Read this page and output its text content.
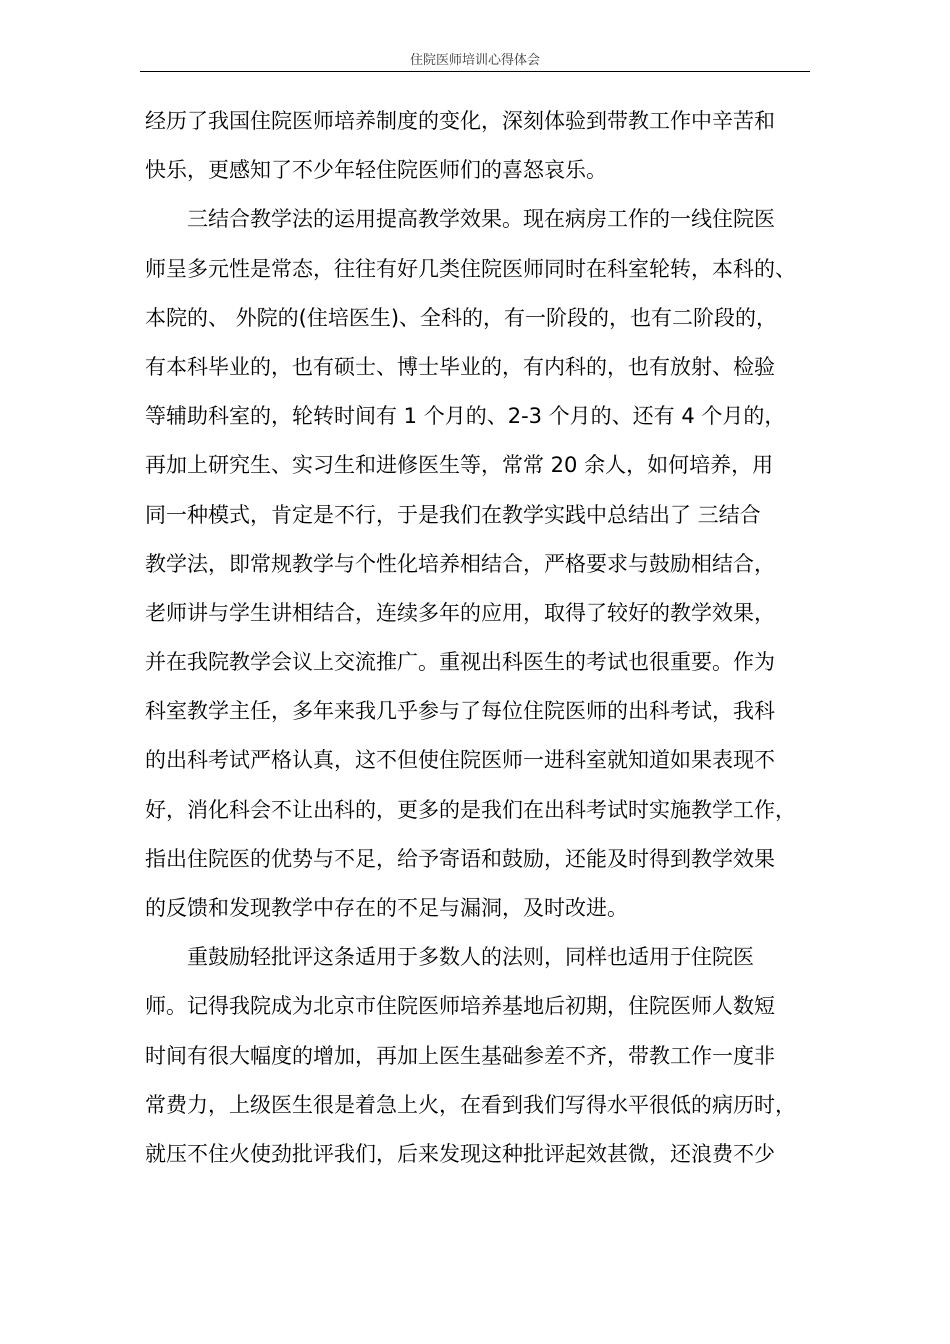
住院医师培训心得体会
经历了我国住院医师培养制度的变化，深刻体验到带教工作中辛苦和
快乐，更感知了不少年轻住院医师们的喜怒哀乐。
三结合教学法的运用提高教学效果。现在病房工作的一线住院医
师呈多元性是常态，往往有好几类住院医师同时在科室轮转，本科的、
本院的、 外院的(住培医生)、全科的，有一阶段的，也有二阶段的，
有本科毕业的，也有硕士、博士毕业的，有内科的，也有放射、检验
等辅助科室的，轮转时间有 1 个月的、2-3 个月的、还有 4 个月的，
再加上研究生、实习生和进修医生等，常常 20 余人，如何培养，用
同一种模式，肯定是不行，于是我们在教学实践中总结出了 三结合
教学法，即常规教学与个性化培养相结合，严格要求与鼓励相结合，
老师讲与学生讲相结合，连续多年的应用，取得了较好的教学效果，
并在我院教学会议上交流推广。重视出科医生的考试也很重要。作为
科室教学主任，多年来我几乎参与了每位住院医师的出科考试，我科
的出科考试严格认真，这不但使住院医师一进科室就知道如果表现不
好，消化科会不让出科的，更多的是我们在出科考试时实施教学工作，
指出住院医的优势与不足，给予寄语和鼓励，还能及时得到教学效果
的反馈和发现教学中存在的不足与漏洞，及时改进。
重鼓励轻批评这条适用于多数人的法则，同样也适用于住院医
师。记得我院成为北京市住院医师培养基地后初期，住院医师人数短
时间有很大幅度的增加，再加上医生基础参差不齐，带教工作一度非
常费力，上级医生很是着急上火，在看到我们写得水平很低的病历时，
就压不住火使劲批评我们，后来发现这种批评起效甚微，还浪费不少
